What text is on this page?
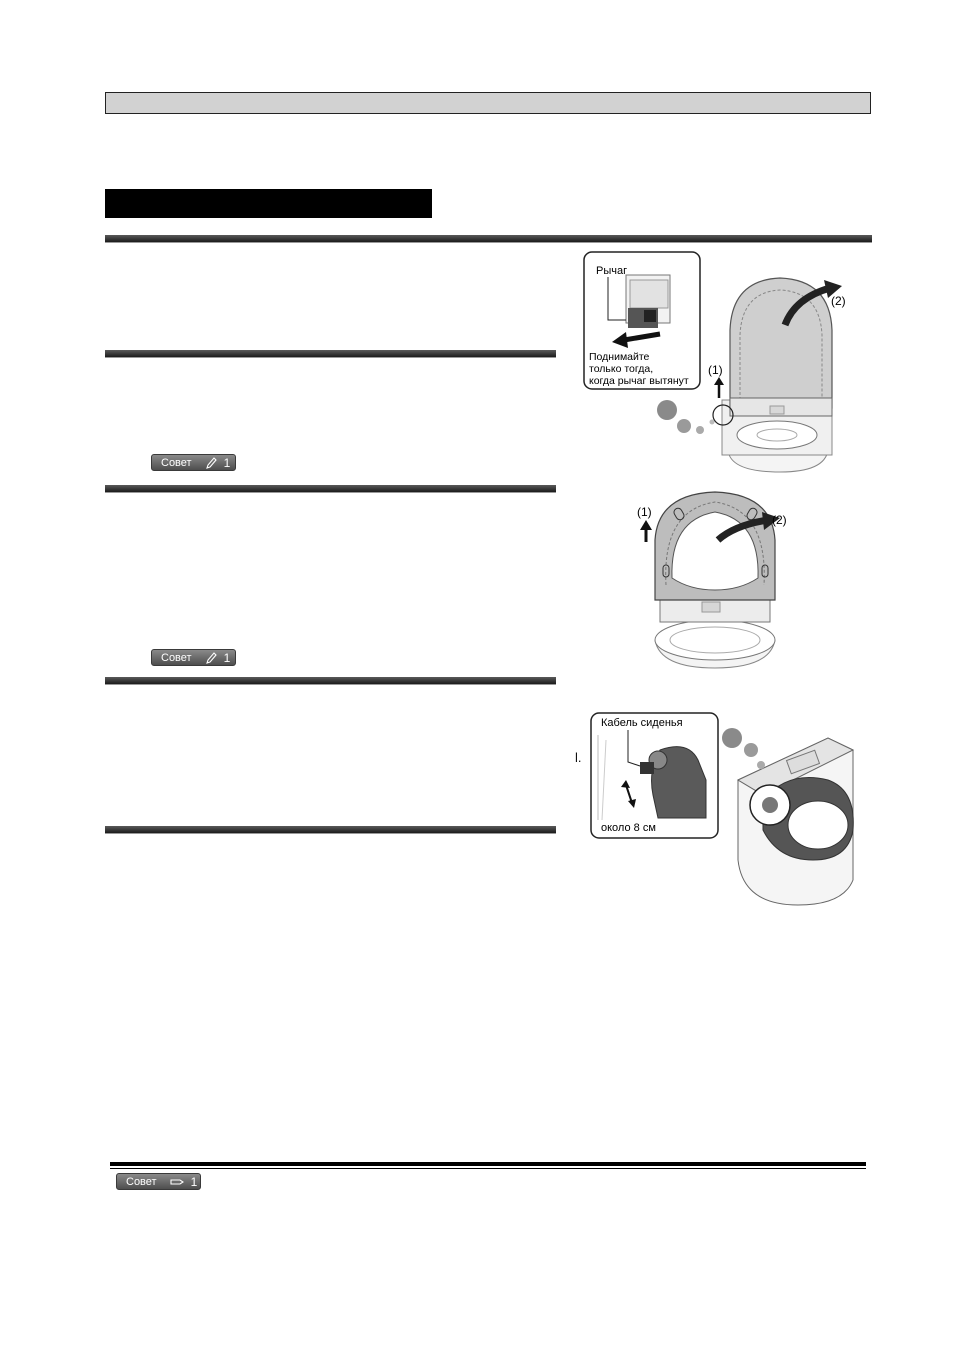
Совет	1
Совет	1
(1)
(2)
Рычаг
Поднимайте
только тогда,
когда рычаг вытянут
(1)
(2)
l.
Кабель сиденья
около 8 см
Совет	1
